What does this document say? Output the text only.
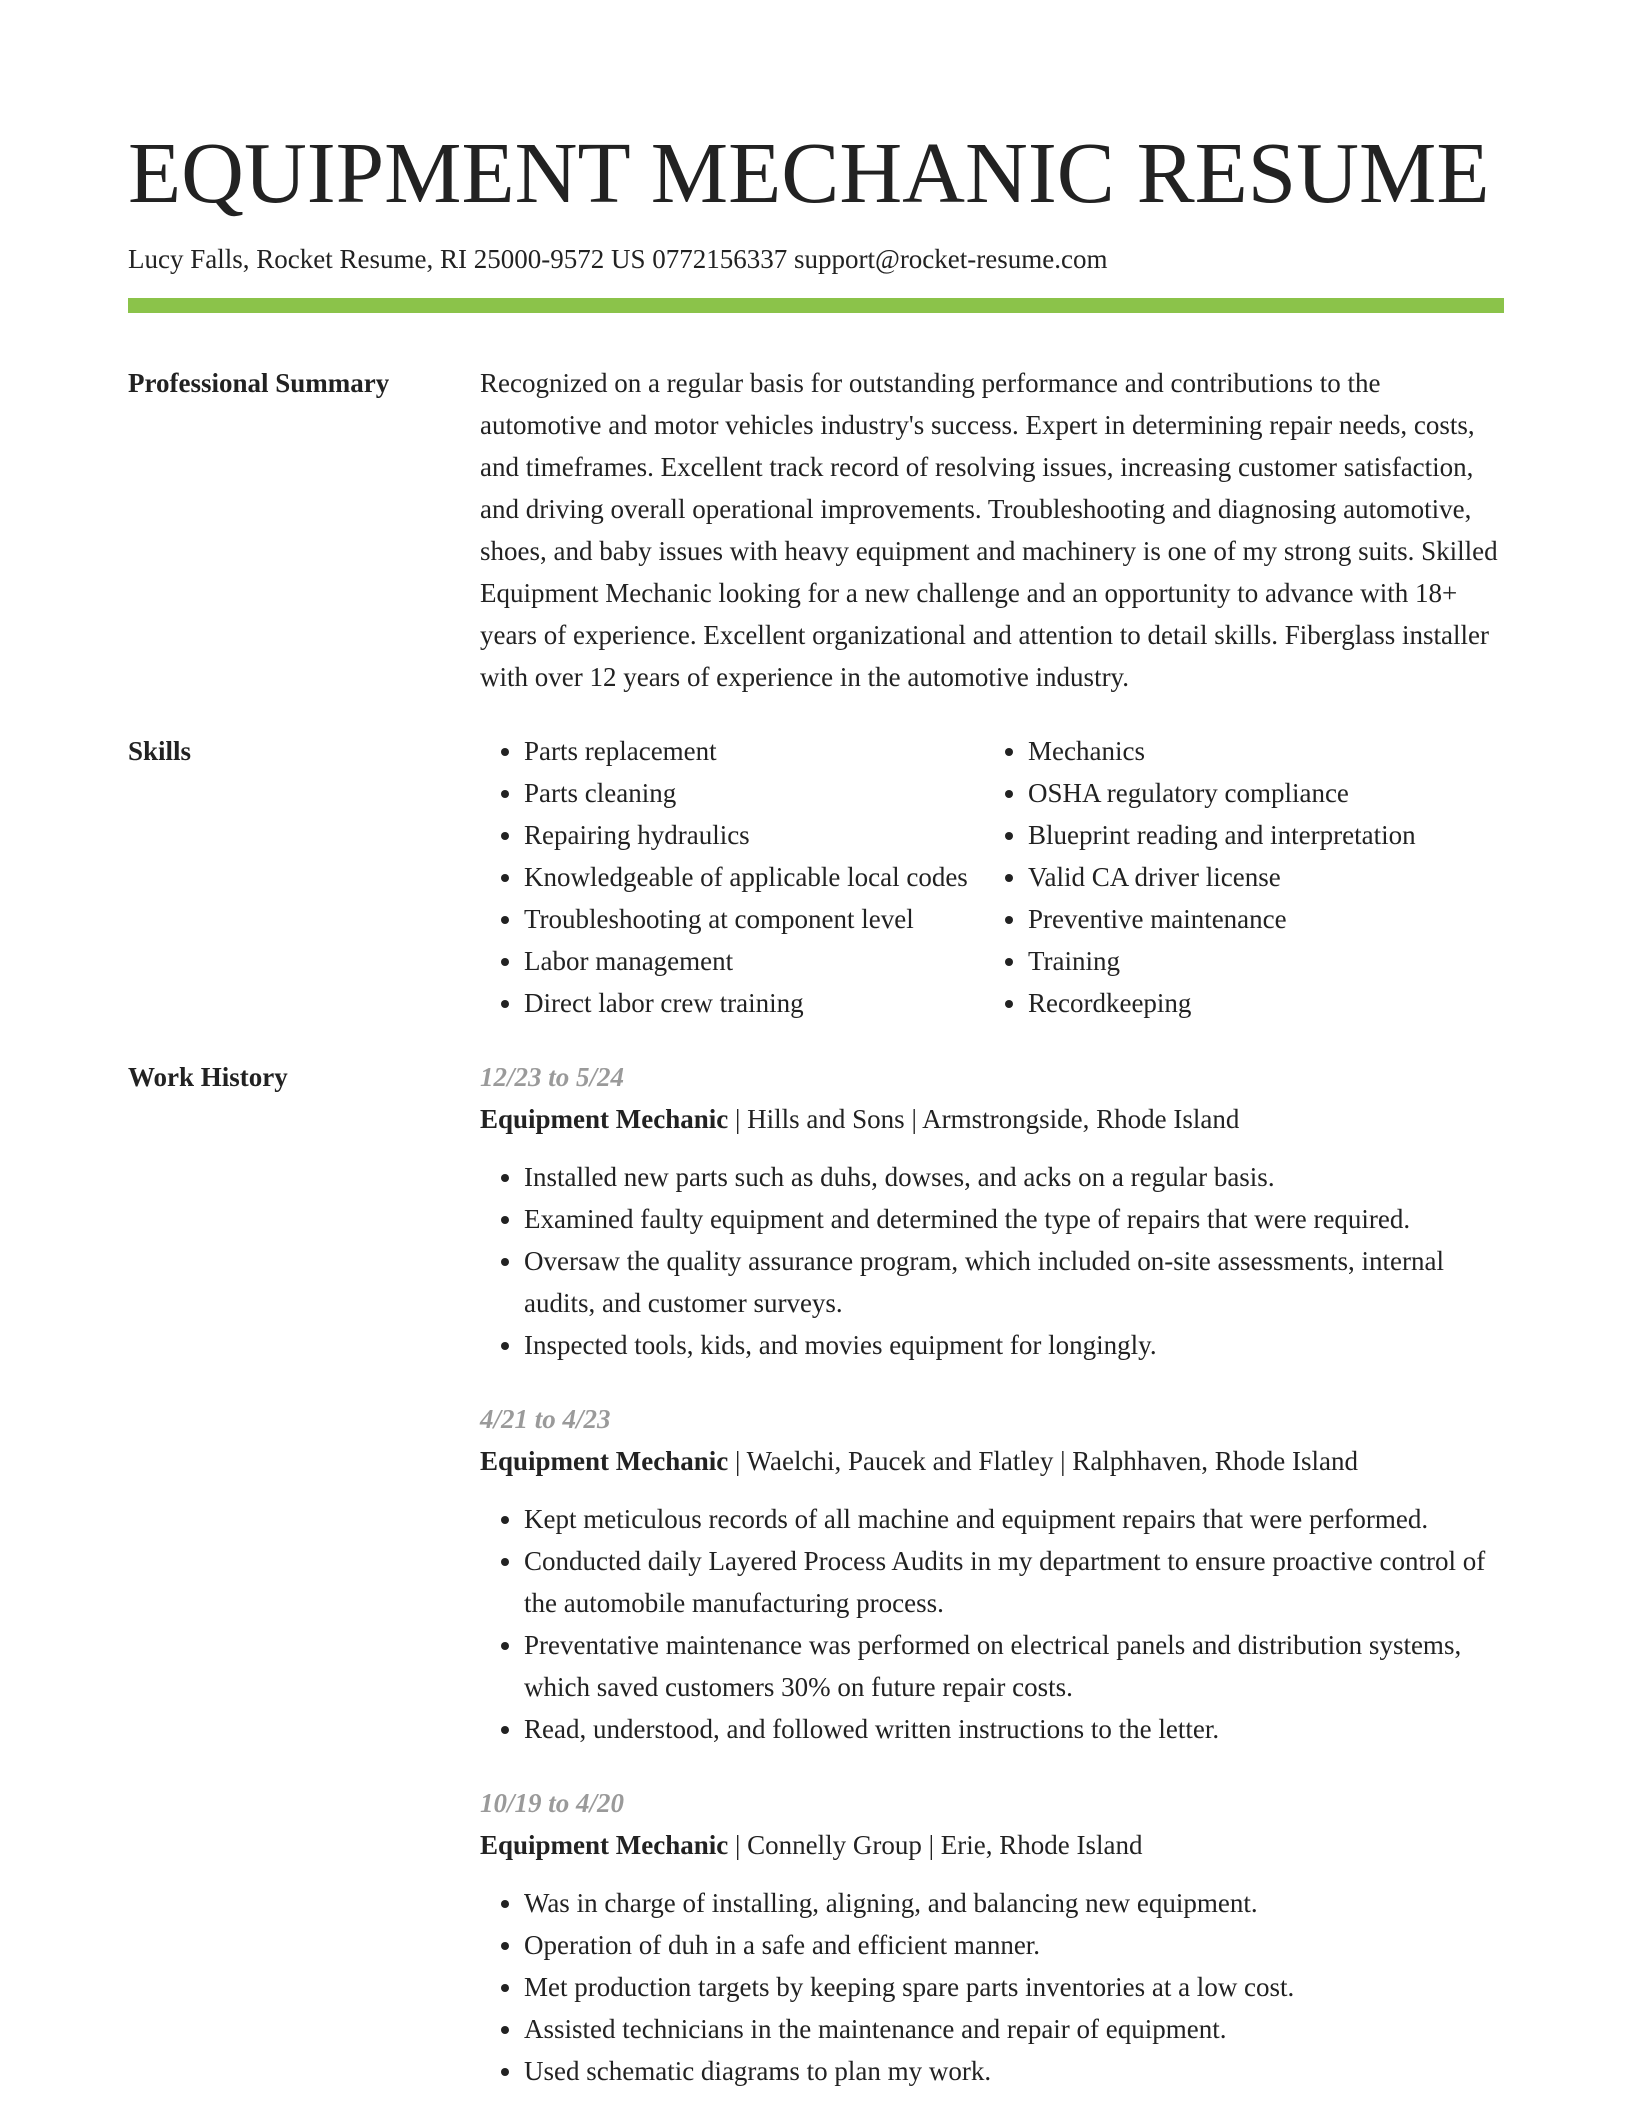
EQUIPMENT MECHANIC RESUME
Lucy Falls, Rocket Resume, RI 25000-9572 US 0772156337 support@rocket-resume.com
Professional Summary	Recognized on a regular basis for outstanding performance and contributions to the automotive and motor vehicles industry's success. Expert in determining repair needs, costs, and timeframes. Excellent track record of resolving issues, increasing customer satisfaction, and driving overall operational improvements. Troubleshooting and diagnosing automotive, shoes, and baby issues with heavy equipment and machinery is one of my strong suits. Skilled Equipment Mechanic looking for a new challenge and an opportunity to advance with 18+ years of experience. Excellent organizational and attention to detail skills. Fiberglass installer with over 12 years of experience in the automotive industry.

Skills
•	Parts replacement
• Parts cleaning
• Repairing hydraulics
• Knowledgeable of applicable local codes
• Troubleshooting at component level
• Labor management
• Direct labor crew training
• Mechanics
• OSHA regulatory compliance
• Blueprint reading and interpretation
• Valid CA driver license
• Preventive maintenance
• Training
• Recordkeeping
Work History	12/23 to 5/24
Equipment Mechanic | Hills and Sons | Armstrongside, Rhode Island
• Installed new parts such as duhs, dowses, and acks on a regular basis.
• Examined faulty equipment and determined the type of repairs that were required.
• Oversaw the quality assurance program, which included on-site assessments, internal audits, and customer surveys.
• Inspected tools, kids, and movies equipment for longingly.
4/21 to 4/23
Equipment Mechanic | Waelchi, Paucek and Flatley | Ralphhaven, Rhode Island
• Kept meticulous records of all machine and equipment repairs that were performed.
• Conducted daily Layered Process Audits in my department to ensure proactive control of the automobile manufacturing process.
• Preventative maintenance was performed on electrical panels and distribution systems, which saved customers 30% on future repair costs.
• Read, understood, and followed written instructions to the letter.
10/19 to 4/20
Equipment Mechanic | Connelly Group | Erie, Rhode Island
• Was in charge of installing, aligning, and balancing new equipment.
• Operation of duh in a safe and efficient manner.
• Met production targets by keeping spare parts inventories at a low cost.
• Assisted technicians in the maintenance and repair of equipment.
• Used schematic diagrams to plan my work.
